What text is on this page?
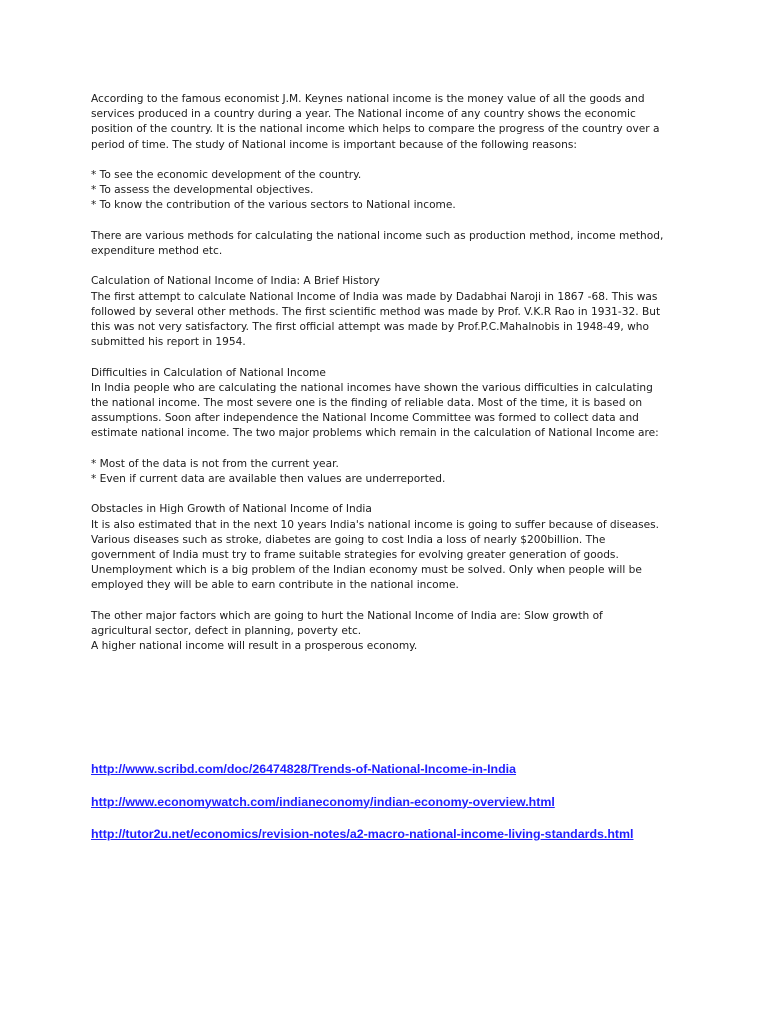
According to the famous economist J.M. Keynes national income is the money value of all the goods and
services produced in a country during a year. The National income of any country shows the economic
position of the country. It is the national income which helps to compare the progress of the country over a
period of time. The study of National income is important because of the following reasons:

* To see the economic development of the country.
* To assess the developmental objectives.
* To know the contribution of the various sectors to National income.

There are various methods for calculating the national income such as production method, income method,
expenditure method etc.

Calculation of National Income of India: A Brief History
The first attempt to calculate National Income of India was made by Dadabhai Naroji in 1867 -68. This was
followed by several other methods. The first scientific method was made by Prof. V.K.R Rao in 1931-32. But
this was not very satisfactory. The first official attempt was made by Prof.P.C.Mahalnobis in 1948-49, who
submitted his report in 1954.

Difficulties in Calculation of National Income
In India people who are calculating the national incomes have shown the various difficulties in calculating
the national income. The most severe one is the finding of reliable data. Most of the time, it is based on
assumptions. Soon after independence the National Income Committee was formed to collect data and
estimate national income. The two major problems which remain in the calculation of National Income are:

* Most of the data is not from the current year.
* Even if current data are available then values are underreported.

Obstacles in High Growth of National Income of India
It is also estimated that in the next 10 years India's national income is going to suffer because of diseases.
Various diseases such as stroke, diabetes are going to cost India a loss of nearly $200billion. The
government of India must try to frame suitable strategies for evolving greater generation of goods.
Unemployment which is a big problem of the Indian economy must be solved. Only when people will be
employed they will be able to earn contribute in the national income.

The other major factors which are going to hurt the National Income of India are: Slow growth of
agricultural sector, defect in planning, poverty etc.
A higher national income will result in a prosperous economy.

http://www.scribd.com/doc/26474828/Trends-of-National-Income-in-India
http://www.economywatch.com/indianeconomy/indian-economy-overview.html
http://tutor2u.net/economics/revision-notes/a2-macro-national-income-living-standards.html
